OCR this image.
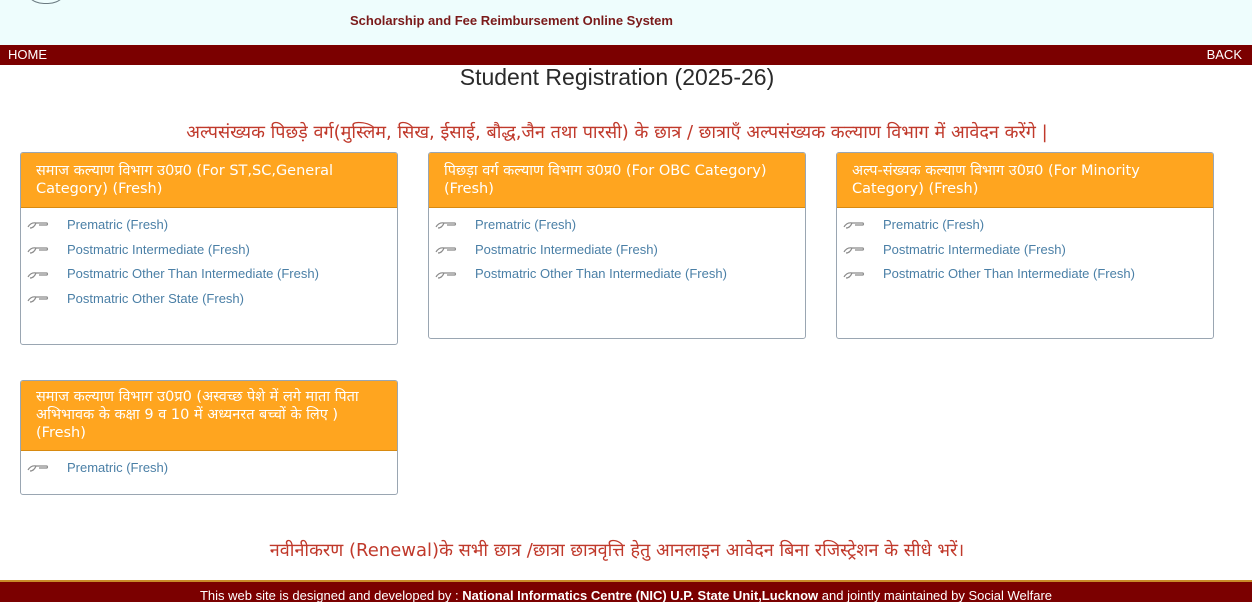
Scholarship and Fee Reimbursement Online System
HOME	BACK
Student Registration (2025-26)
अल्पसंख्यक पिछड़े वर्ग(मुस्लिम, सिख, ईसाई, बौद्ध,जैन तथा पारसी) के छात्र / छात्राएँ अल्पसंख्यक कल्याण विभाग में आवेदन करेंगे |
समाज कल्याण विभाग उ0प्र0 (For ST,SC,General Category) (Fresh)
Prematric (Fresh)
Postmatric Intermediate (Fresh)
Postmatric Other Than Intermediate (Fresh)
Postmatric Other State (Fresh)
पिछड़ा वर्ग कल्याण विभाग उ0प्र0 (For OBC Category) (Fresh)
Prematric (Fresh)
Postmatric Intermediate (Fresh)
Postmatric Other Than Intermediate (Fresh)
अल्प-संख्यक कल्याण विभाग उ0प्र0 (For Minority Category) (Fresh)
Prematric (Fresh)
Postmatric Intermediate (Fresh)
Postmatric Other Than Intermediate (Fresh)
समाज कल्याण विभाग उ0प्र0 (अस्वच्छ पेशे में लगे माता पिता अभिभावक के कक्षा 9 व 10 में अध्यनरत बच्चों के लिए ) (Fresh)
Prematric (Fresh)
नवीनीकरण (Renewal)के सभी छात्र /छात्रा छात्रवृत्ति हेतु आनलाइन आवेदन बिना रजिस्ट्रेशन के सीधे भरें।
This web site is designed and developed by : National Informatics Centre (NIC) U.P. State Unit,Lucknow and jointly maintained by Social Welfare
